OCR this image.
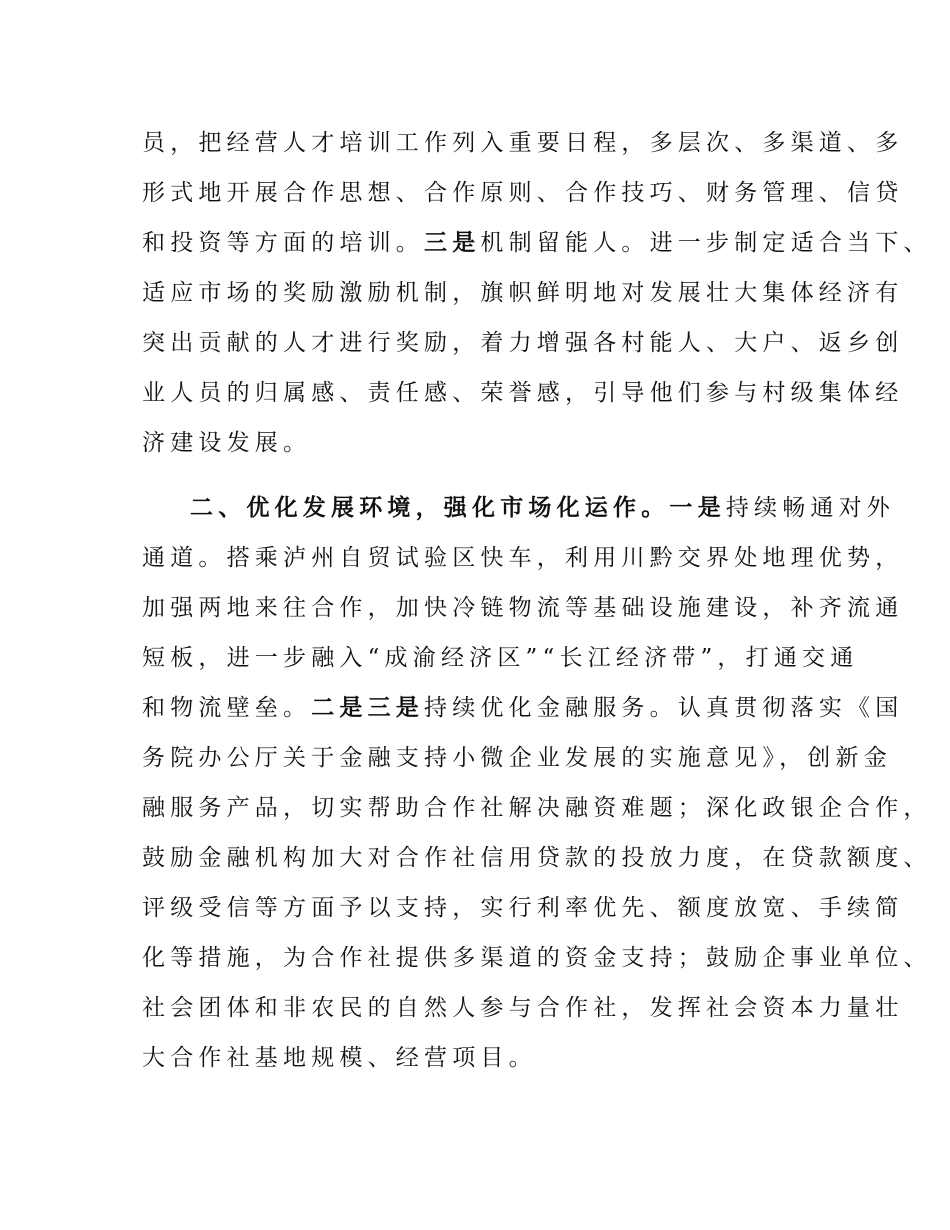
员，把经营人才培训工作列入重要日程，多层次、多渠道、多
形式地开展合作思想、合作原则、合作技巧、财务管理、信贷
和投资等方面的培训。三是机制留能人。进一步制定适合当下、
适应市场的奖励激励机制，旗帜鲜明地对发展壮大集体经济有
突出贡献的人才进行奖励，着力增强各村能人、大户、返乡创
业人员的归属感、责任感、荣誉感，引导他们参与村级集体经
济建设发展。
二、优化发展环境，强化市场化运作。一是持续畅通对外
通道。搭乘泸州自贸试验区快车，利用川黔交界处地理优势，
加强两地来往合作，加快冷链物流等基础设施建设，补齐流通
短板，进一步融入“成渝经济区”“长江经济带”，打通交通
和物流壁垒。二是三是持续优化金融服务。认真贯彻落实《国
务院办公厅关于金融支持小微企业发展的实施意见》，创新金
融服务产品，切实帮助合作社解决融资难题；深化政银企合作，
鼓励金融机构加大对合作社信用贷款的投放力度，在贷款额度、
评级受信等方面予以支持，实行利率优先、额度放宽、手续简
化等措施，为合作社提供多渠道的资金支持；鼓励企事业单位、
社会团体和非农民的自然人参与合作社，发挥社会资本力量壮
大合作社基地规模、经营项目。
